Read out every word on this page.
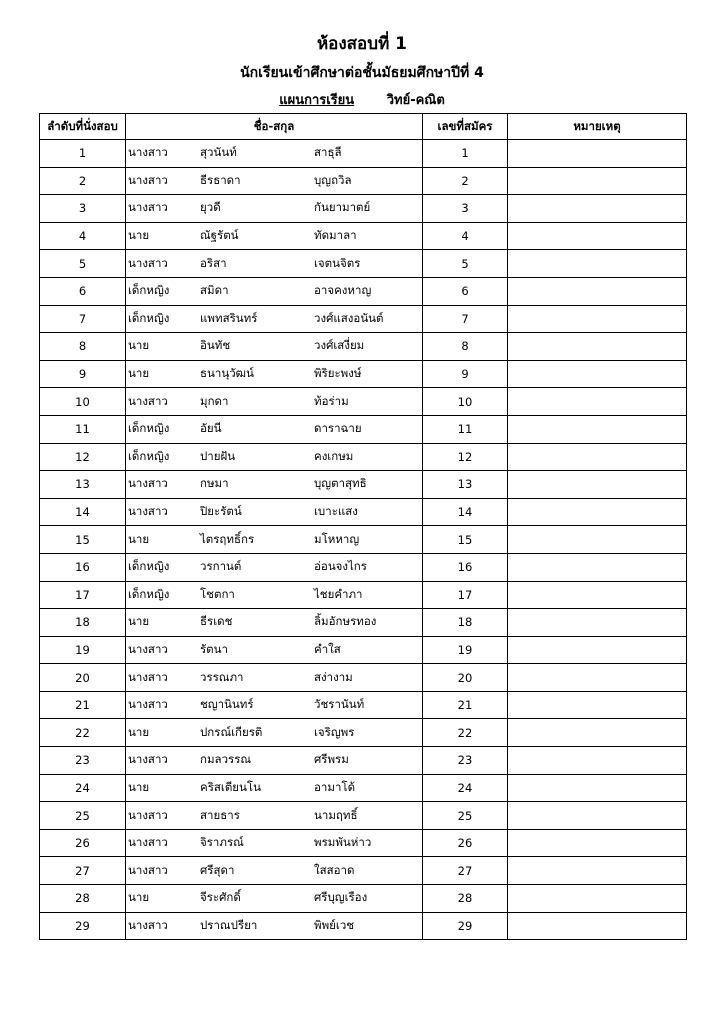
ห้องสอบที่ 1
นักเรียนเข้าศึกษาต่อชั้นมัธยมศึกษาปีที่ 4
แผนการเรียน	วิทย์-คณิต
ลำดับที่นั่งสอบ	ชื่อ-สกุล	เลขที่สมัคร	หมายเหตุ
1	นางสาว สุวนันท์ สาธุลี	1	
2	นางสาว ธีรธาดา บุญถวิล	2	
3	นางสาว ยุวดี กันยามาตย์	3	
4	นาย ณัฐรัตน์ ทัดมาลา	4	
5	นางสาว อริสา เจตนจิตร	5	
6	เด็กหญิง สมิดา อาจคงหาญ	6	
7	เด็กหญิง แพทสรินทร์ วงศ์แสงอนันต์	7	
8	นาย อินทัช วงศ์เสงี่ยม	8	
9	นาย ธนานุวัฒน์ พิริยะพงษ์	9	
10	นางสาว มุกดา ท้อร่าม	10	
11	เด็กหญิง อัยนี ดาราฉาย	11	
12	เด็กหญิง ปายฝัน คงเกษม	12	
13	นางสาว กษมา บุญตาสุทธิ	13	
14	นางสาว ปิยะรัตน์ เบาะแสง	14	
15	นาย ไตรฤทธิ์กร มโหหาญ	15	
16	เด็กหญิง วรกานต์ อ่อนจงไกร	16	
17	เด็กหญิง โชตกา ไชยคำภา	17	
18	นาย ธีรเดช ลิ้มอักษรทอง	18	
19	นางสาว รัตนา คำใส	19	
20	นางสาว วรรณภา สง่างาม	20	
21	นางสาว ชญานินทร์ วัชรานันท์	21	
22	นาย ปกรณ์เกียรติ เจริญพร	22	
23	นางสาว กมลวรรณ ศรีพรม	23	
24	นาย คริสเตียนโน อามาโด้	24	
25	นางสาว สายธาร นามฤทธิ์	25	
26	นางสาว จิราภรณ์ พรมพันห่าว	26	
27	นางสาว ศรีสุดา ใสสอาด	27	
28	นาย จีระศักดิ์ ศรีบุญเรือง	28	
29	นางสาว ปราณปรียา พิพย์เวช	29	
